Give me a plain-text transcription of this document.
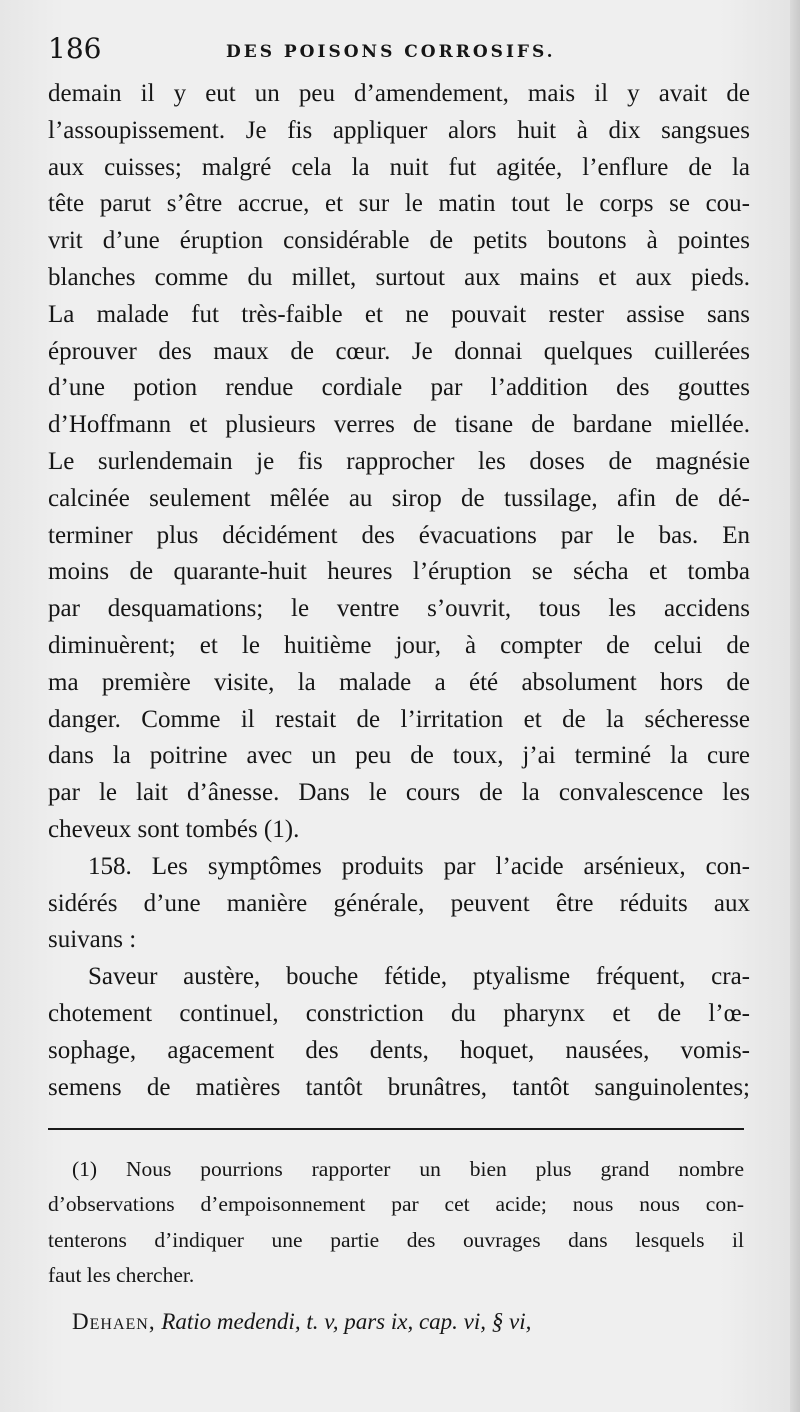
186	DES POISONS CORROSIFS.
demain il y eut un peu d’amendement, mais il y avait de
l’assoupissement. Je fis appliquer alors huit à dix sangsues
aux cuisses; malgré cela la nuit fut agitée, l’enflure de la
tête parut s’être accrue, et sur le matin tout le corps se cou-
vrit d’une éruption considérable de petits boutons à pointes
blanches comme du millet, surtout aux mains et aux pieds.
La malade fut très-faible et ne pouvait rester assise sans
éprouver des maux de cœur. Je donnai quelques cuillerées
d’une potion rendue cordiale par l’addition des gouttes
d’Hoffmann et plusieurs verres de tisane de bardane miellée.
Le surlendemain je fis rapprocher les doses de magnésie
calcinée seulement mêlée au sirop de tussilage, afin de dé-
terminer plus décidément des évacuations par le bas. En
moins de quarante-huit heures l’éruption se sécha et tomba
par desquamations; le ventre s’ouvrit, tous les accidens
diminuèrent; et le huitième jour, à compter de celui de
ma première visite, la malade a été absolument hors de
danger. Comme il restait de l’irritation et de la sécheresse
dans la poitrine avec un peu de toux, j’ai terminé la cure
par le lait d’ânesse. Dans le cours de la convalescence les
cheveux sont tombés (1).
158. Les symptômes produits par l’acide arsénieux, con-
sidérés d’une manière générale, peuvent être réduits aux
suivans :
Saveur austère, bouche fétide, ptyalisme fréquent, cra-
chotement continuel, constriction du pharynx et de l’œ-
sophage, agacement des dents, hoquet, nausées, vomis-
semens de matières tantôt brunâtres, tantôt sanguinolentes;
(1) Nous pourrions rapporter un bien plus grand nombre
d’observations d’empoisonnement par cet acide; nous nous con-
tenterons d’indiquer une partie des ouvrages dans lesquels il
faut les chercher.
Dehaen, Ratio medendi, t. v, pars ix, cap. vi, § vi,
